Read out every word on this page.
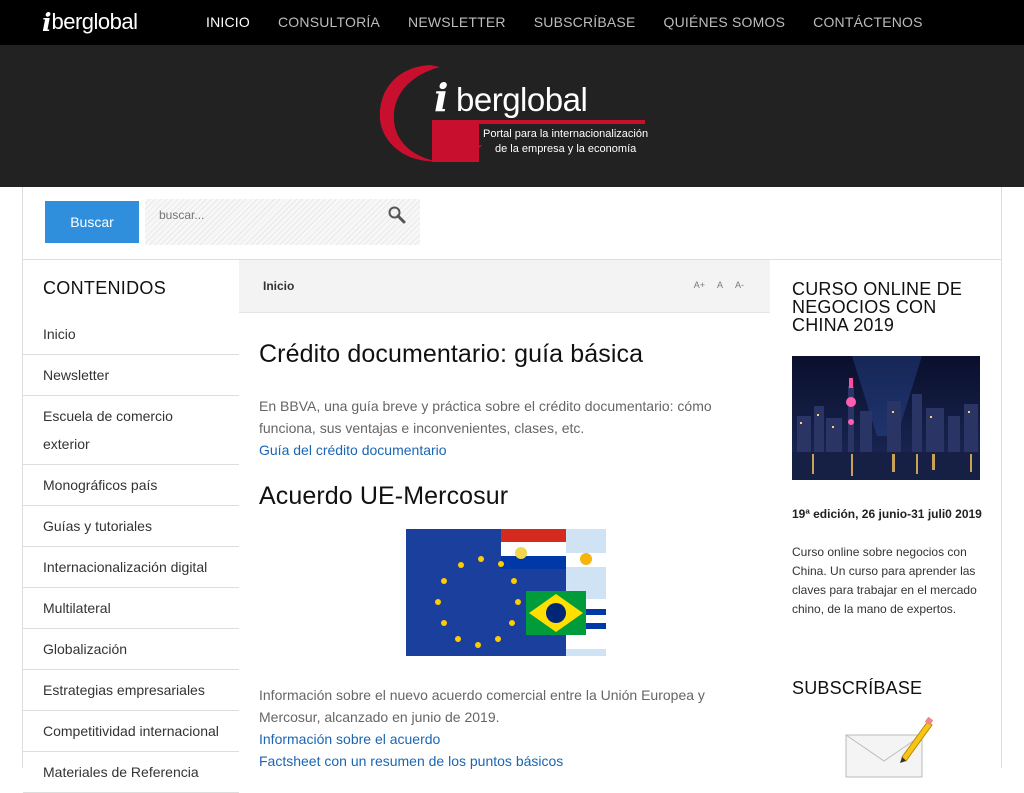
i berglobal	INICIO	CONSULTORÍA	NEWSLETTER	SUBSCRÍBASE	QUIÉNES SOMOS	CONTÁCTENOS
i berglobal
Portal para la internacionalización
de la empresa y la economía
Buscar
buscar...
CONTENIDOS
Inicio
Newsletter
Escuela de comercio exterior
Monográficos país
Guías y tutoriales
Internacionalización digital
Multilateral
Globalización
Estrategias empresariales
Competitividad internacional
Materiales de Referencia
Inicio	A+ A A-
Crédito documentario: guía básica

En BBVA, una guía breve y práctica sobre el crédito documentario: cómo funciona, sus ventajas e inconvenientes, clases, etc.

Guía del crédito documentario
Acuerdo UE-Mercosur

Información sobre el nuevo acuerdo comercial entre la Unión Europea y Mercosur, alcanzado en junio de 2019.

Información sobre el acuerdo
Factsheet con un resumen de los puntos básicos
CURSO ONLINE DE NEGOCIOS CON CHINA 2019
19ª edición, 26 junio-31 juli0 2019
Curso online sobre negocios con China. Un curso para aprender las claves para trabajar en el mercado chino, de la mano de expertos.
SUBSCRÍBASE
